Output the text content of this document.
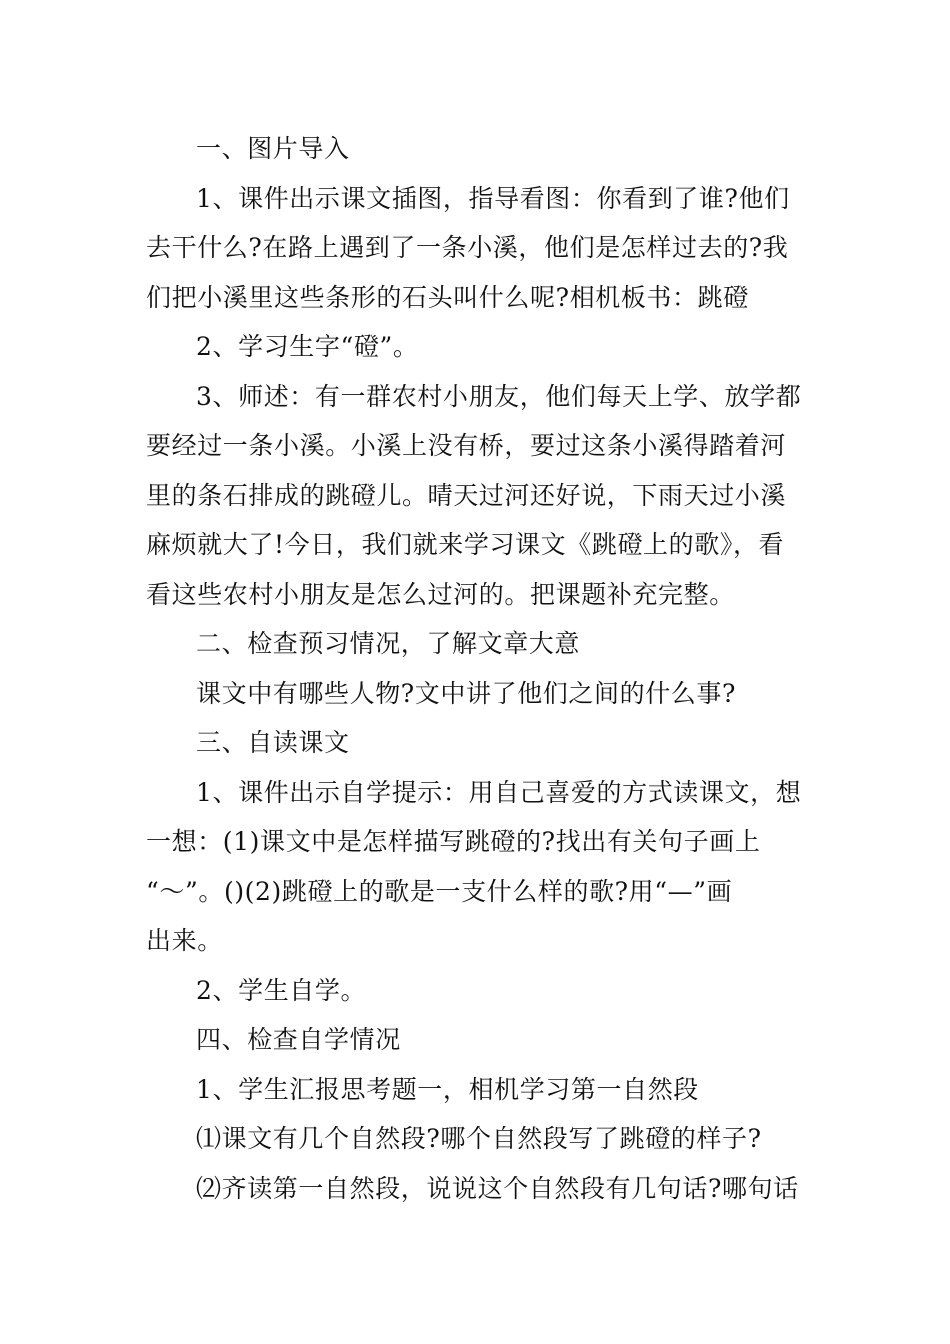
一、图片导入
1、课件出示课文插图，指导看图：你看到了谁?他们
去干什么?在路上遇到了一条小溪，他们是怎样过去的?我
们把小溪里这些条形的石头叫什么呢?相机板书：跳磴
2、学习生字“磴”。
3、师述：有一群农村小朋友，他们每天上学、放学都
要经过一条小溪。小溪上没有桥，要过这条小溪得踏着河
里的条石排成的跳磴儿。晴天过河还好说，下雨天过小溪
麻烦就大了!今日，我们就来学习课文《跳磴上的歌》，看
看这些农村小朋友是怎么过河的。把课题补充完整。
二、检查预习情况，了解文章大意
课文中有哪些人物?文中讲了他们之间的什么事?
三、自读课文
1、课件出示自学提示：用自己喜爱的方式读课文，想
一想：(1)课文中是怎样描写跳磴的?找出有关句子画上
“～”。()(2)跳磴上的歌是一支什么样的歌?用“—”画
出来。
2、学生自学。
四、检查自学情况
1、学生汇报思考题一，相机学习第一自然段
⑴课文有几个自然段?哪个自然段写了跳磴的样子?
⑵齐读第一自然段，说说这个自然段有几句话?哪句话
